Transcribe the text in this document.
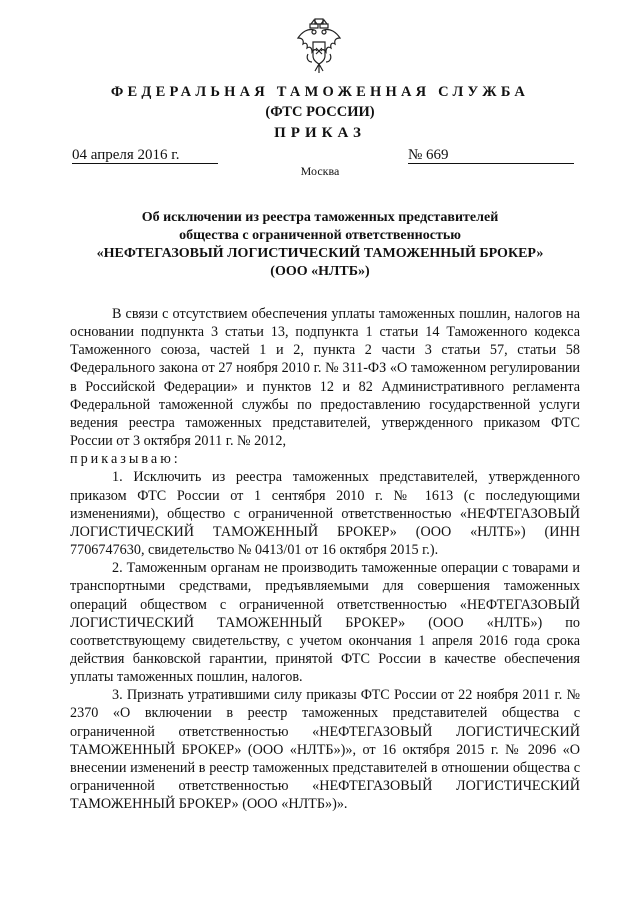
ФЕДЕРАЛЬНАЯ ТАМОЖЕННАЯ СЛУЖБА
(ФТС РОССИИ)
ПРИКАЗ
04 апреля 2016 г.	№ 669
Москва
Об исключении из реестра таможенных представителей
общества с ограниченной ответственностью
«НЕФТЕГАЗОВЫЙ ЛОГИСТИЧЕСКИЙ ТАМОЖЕННЫЙ БРОКЕР»
(ООО «НЛТБ»)

В связи с отсутствием обеспечения уплаты таможенных пошлин, налогов на основании подпункта 3 статьи 13, подпункта 1 статьи 14 Таможенного кодекса Таможенного союза, частей 1 и 2, пункта 2 части 3 статьи 57, статьи 58 Федерального закона от 27 ноября 2010 г. № 311-ФЗ «О таможенном регулировании в Российской Федерации» и пунктов 12 и 82 Административного регламента Федеральной таможенной службы по предоставлению государственной услуги ведения реестра таможенных представителей, утвержденного приказом ФТС России от 3 октября 2011 г. № 2012,

приказываю:

1. Исключить из реестра таможенных представителей, утвержденного приказом ФТС России от 1 сентября 2010 г. № 1613 (с последующими изменениями), общество с ограниченной ответственностью «НЕФТЕГАЗОВЫЙ ЛОГИСТИЧЕСКИЙ ТАМОЖЕННЫЙ БРОКЕР» (ООО «НЛТБ») (ИНН 7706747630, свидетельство № 0413/01 от 16 октября 2015 г.).

2. Таможенным органам не производить таможенные операции с товарами и транспортными средствами, предъявляемыми для совершения таможенных операций обществом с ограниченной ответственностью «НЕФТЕГАЗОВЫЙ ЛОГИСТИЧЕСКИЙ ТАМОЖЕННЫЙ БРОКЕР» (ООО «НЛТБ») по соответствующему свидетельству, с учетом окончания 1 апреля 2016 года срока действия банковской гарантии, принятой ФТС России в качестве обеспечения уплаты таможенных пошлин, налогов.

3. Признать утратившими силу приказы ФТС России от 22 ноября 2011 г. № 2370 «О включении в реестр таможенных представителей общества с ограниченной ответственностью «НЕФТЕГАЗОВЫЙ ЛОГИСТИЧЕСКИЙ ТАМОЖЕННЫЙ БРОКЕР» (ООО «НЛТБ»)», от 16 октября 2015 г. № 2096 «О внесении изменений в реестр таможенных представителей в отношении общества с ограниченной ответственностью «НЕФТЕГАЗОВЫЙ ЛОГИСТИЧЕСКИЙ ТАМОЖЕННЫЙ БРОКЕР» (ООО «НЛТБ»)».
